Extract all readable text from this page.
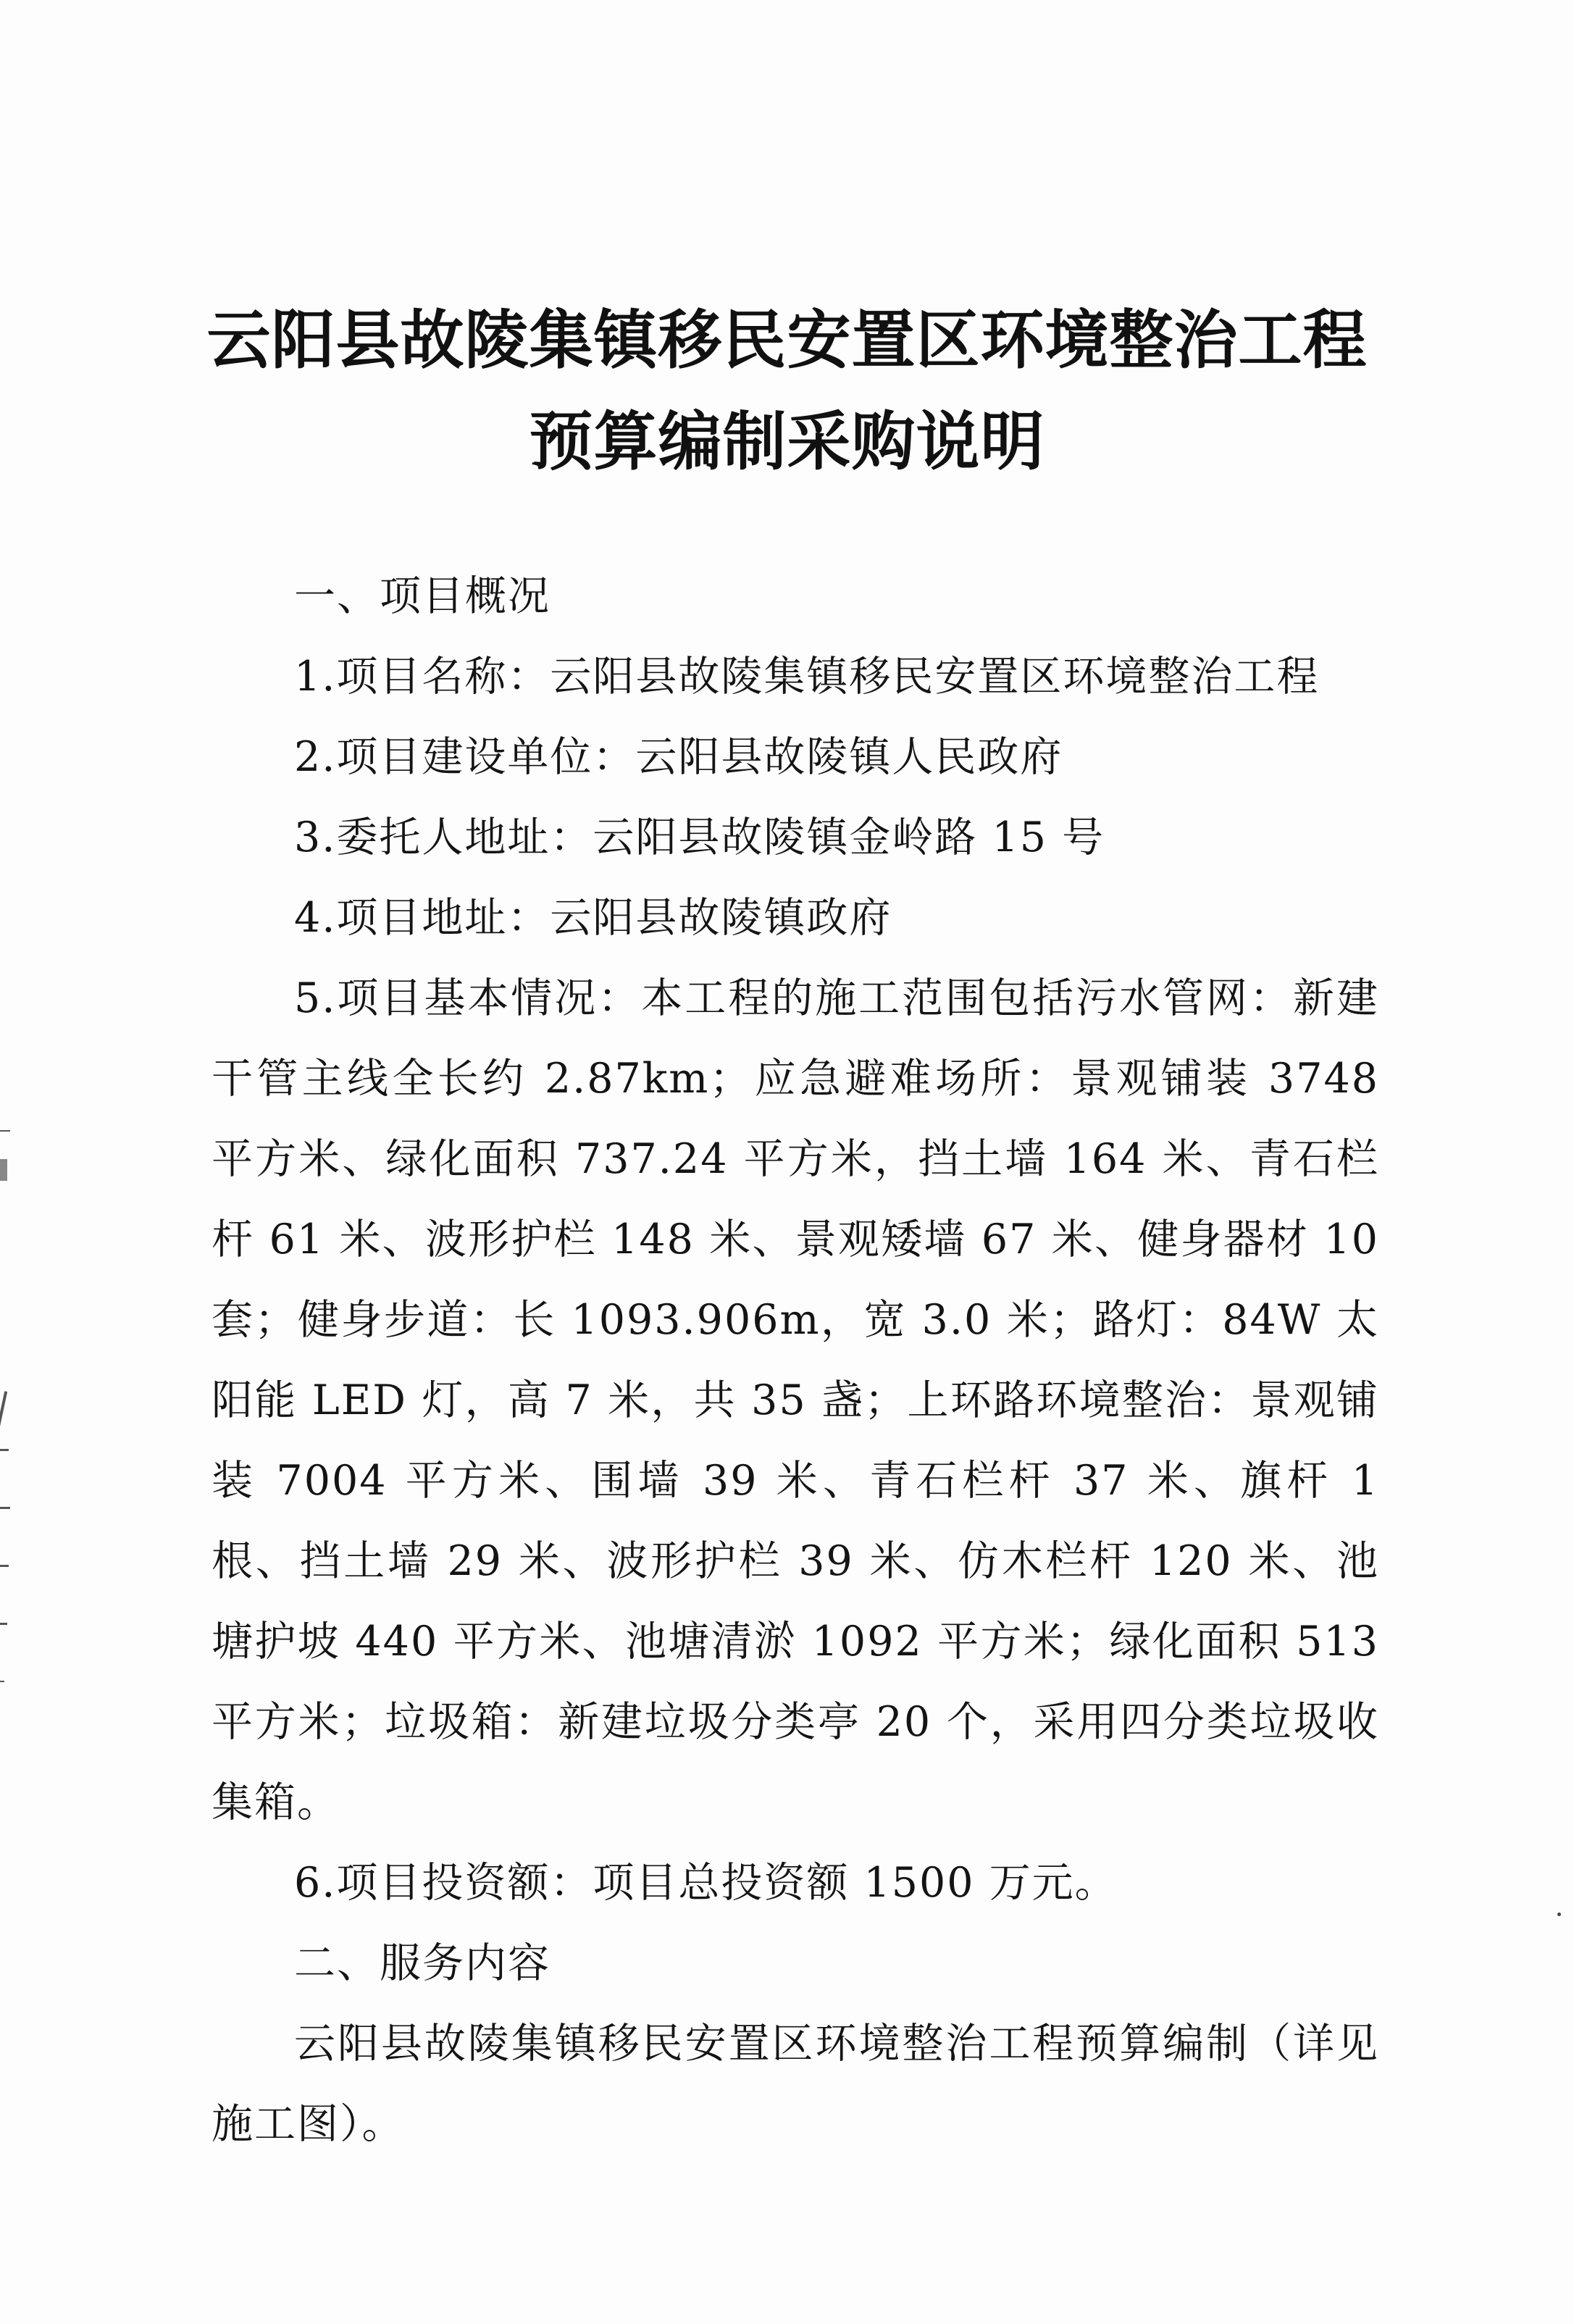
云阳县故陵集镇移民安置区环境整治工程
预算编制采购说明

一、项目概况

1.项目名称：云阳县故陵集镇移民安置区环境整治工程

2.项目建设单位：云阳县故陵镇人民政府

3.委托人地址：云阳县故陵镇金岭路 15 号

4.项目地址：云阳县故陵镇政府

5.项目基本情况：本工程的施工范围包括污水管网：新建干管主线全长约 2.87km；应急避难场所：景观铺装 3748 平方米、绿化面积 737.24 平方米，挡土墙 164 米、青石栏杆 61 米、波形护栏 148 米、景观矮墙 67 米、健身器材 10 套；健身步道：长 1093.906m，宽 3.0 米；路灯：84W 太阳能 LED 灯，高 7 米，共 35 盏；上环路环境整治：景观铺装 7004 平方米、围墙 39 米、青石栏杆 37 米、旗杆 1 根、挡土墙 29 米、波形护栏 39 米、仿木栏杆 120 米、池塘护坡 440 平方米、池塘清淤 1092 平方米；绿化面积 513 平方米；垃圾箱：新建垃圾分类亭 20 个，采用四分类垃圾收集箱。

6.项目投资额：项目总投资额 1500 万元。

二、服务内容

云阳县故陵集镇移民安置区环境整治工程预算编制（详见施工图）。
